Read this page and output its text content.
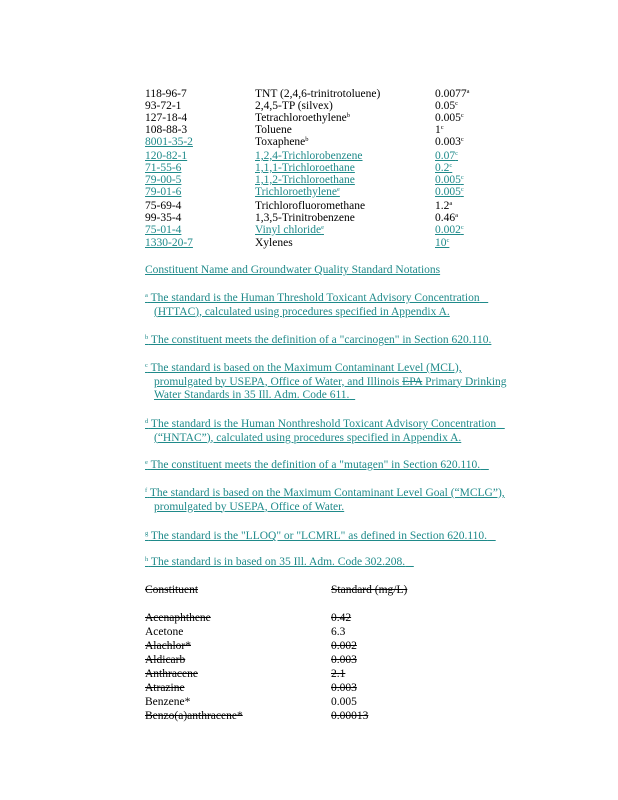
118-96-7	TNT (2,4,6-trinitrotoluene)	0.0077$^a$
93-72-1	2,4,5-TP (silvex)	0.05$^c$
127-18-4	Tetrachloroethylene$^b$	0.005$^c$
108-88-3	Toluene	1$^c$
8001-35-2	Toxaphene$^b$	0.003$^c$
120-82-1	1,2,4-Trichlorobenzene	0.07$^c$
71-55-6	1,1,1-Trichloroethane	0.2$^c$
79-00-5	1,1,2-Trichloroethane	0.005$^c$
79-01-6	Trichloroethylene$^e$	0.005$^c$
75-69-4	Trichlorofluoromethane	1.2$^a$
99-35-4	1,3,5-Trinitrobenzene	0.46$^a$
75-01-4	Vinyl chloride$^e$	0.002$^c$
1330-20-7	Xylenes	10$^c$
Constituent Name and Groundwater Quality Standard Notations
$^a$ The standard is the Human Threshold Toxicant Advisory Concentration
(HTTAC), calculated using procedures specified in Appendix A.
$^b$ The constituent meets the definition of a "carcinogen" in Section 620.110.
$^c$ The standard is based on the Maximum Contaminant Level (MCL),
promulgated by USEPA, Office of Water, and Illinois EPA Primary Drinking
Water Standards in 35 Ill. Adm. Code 611.
$^d$ The standard is the Human Nonthreshold Toxicant Advisory Concentration
(“HNTAC”), calculated using procedures specified in Appendix A.
$^e$ The constituent meets the definition of a "mutagen" in Section 620.110.
$^f$ The standard is based on the Maximum Contaminant Level Goal (“MCLG”),
promulgated by USEPA, Office of Water.
$^g$ The standard is the "LLOQ" or "LCMRL" as defined in Section 620.110.
$^h$ The standard is in based on 35 Ill. Adm. Code 302.208.
Constituent	Standard (mg/L)
Acenaphthene	0.42
Acetone	6.3
Alachlor*	0.002
Aldicarb	0.003
Anthracene	2.1
Atrazine	0.003
Benzene*	0.005
Benzo(a)anthracene*	0.00013
